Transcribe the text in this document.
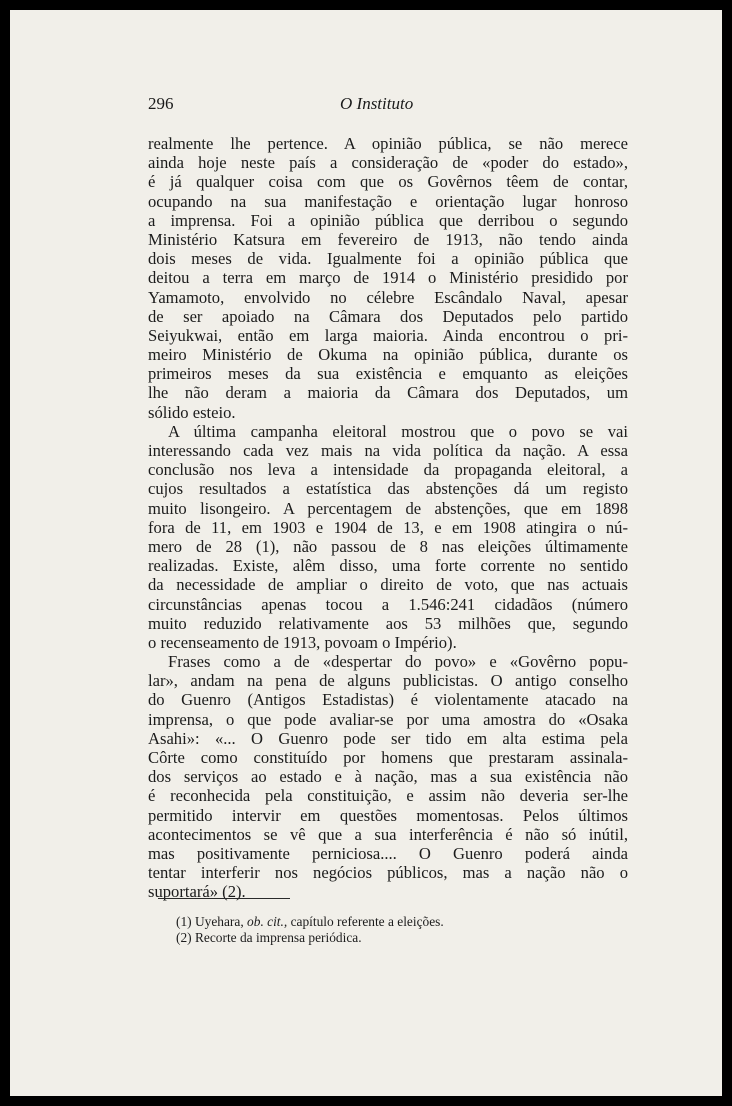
296	O Instituto
realmente lhe pertence. A opinião pública, se não merece
ainda hoje neste país a consideração de «poder do estado»,
é já qualquer coisa com que os Govêrnos têem de contar,
ocupando na sua manifestação e orientação lugar honroso
a imprensa. Foi a opinião pública que derribou o segundo
Ministério Katsura em fevereiro de 1913, não tendo ainda
dois meses de vida. Igualmente foi a opinião pública que
deitou a terra em março de 1914 o Ministério presidido por
Yamamoto, envolvido no célebre Escândalo Naval, apesar
de ser apoiado na Câmara dos Deputados pelo partido
Seiyukwai, então em larga maioria. Ainda encontrou o pri-
meiro Ministério de Okuma na opinião pública, durante os
primeiros meses da sua existência e emquanto as eleições
lhe não deram a maioria da Câmara dos Deputados, um
sólido esteio.
A última campanha eleitoral mostrou que o povo se vai
interessando cada vez mais na vida política da nação. A essa
conclusão nos leva a intensidade da propaganda eleitoral, a
cujos resultados a estatística das abstenções dá um registo
muito lisongeiro. A percentagem de abstenções, que em 1898
fora de 11, em 1903 e 1904 de 13, e em 1908 atingira o nú-
mero de 28 (1), não passou de 8 nas eleições últimamente
realizadas. Existe, alêm disso, uma forte corrente no sentido
da necessidade de ampliar o direito de voto, que nas actuais
circunstâncias apenas tocou a 1.546:241 cidadãos (número
muito reduzido relativamente aos 53 milhões que, segundo
o recenseamento de 1913, povoam o Império).
Frases como a de «despertar do povo» e «Govêrno popu-
lar», andam na pena de alguns publicistas. O antigo conselho
do Guenro (Antigos Estadistas) é violentamente atacado na
imprensa, o que pode avaliar-se por uma amostra do «Osaka
Asahi»: «... O Guenro pode ser tido em alta estima pela
Côrte como constituído por homens que prestaram assinala-
dos serviços ao estado e à nação, mas a sua existência não
é reconhecida pela constituição, e assim não deveria ser-lhe
permitido intervir em questões momentosas. Pelos últimos
acontecimentos se vê que a sua interferência é não só inútil,
mas positivamente perniciosa.... O Guenro poderá ainda
tentar interferir nos negócios públicos, mas a nação não o
suportará» (2).
(1) Uyehara, ob. cit., capítulo referente a eleições.
(2) Recorte da imprensa periódica.
